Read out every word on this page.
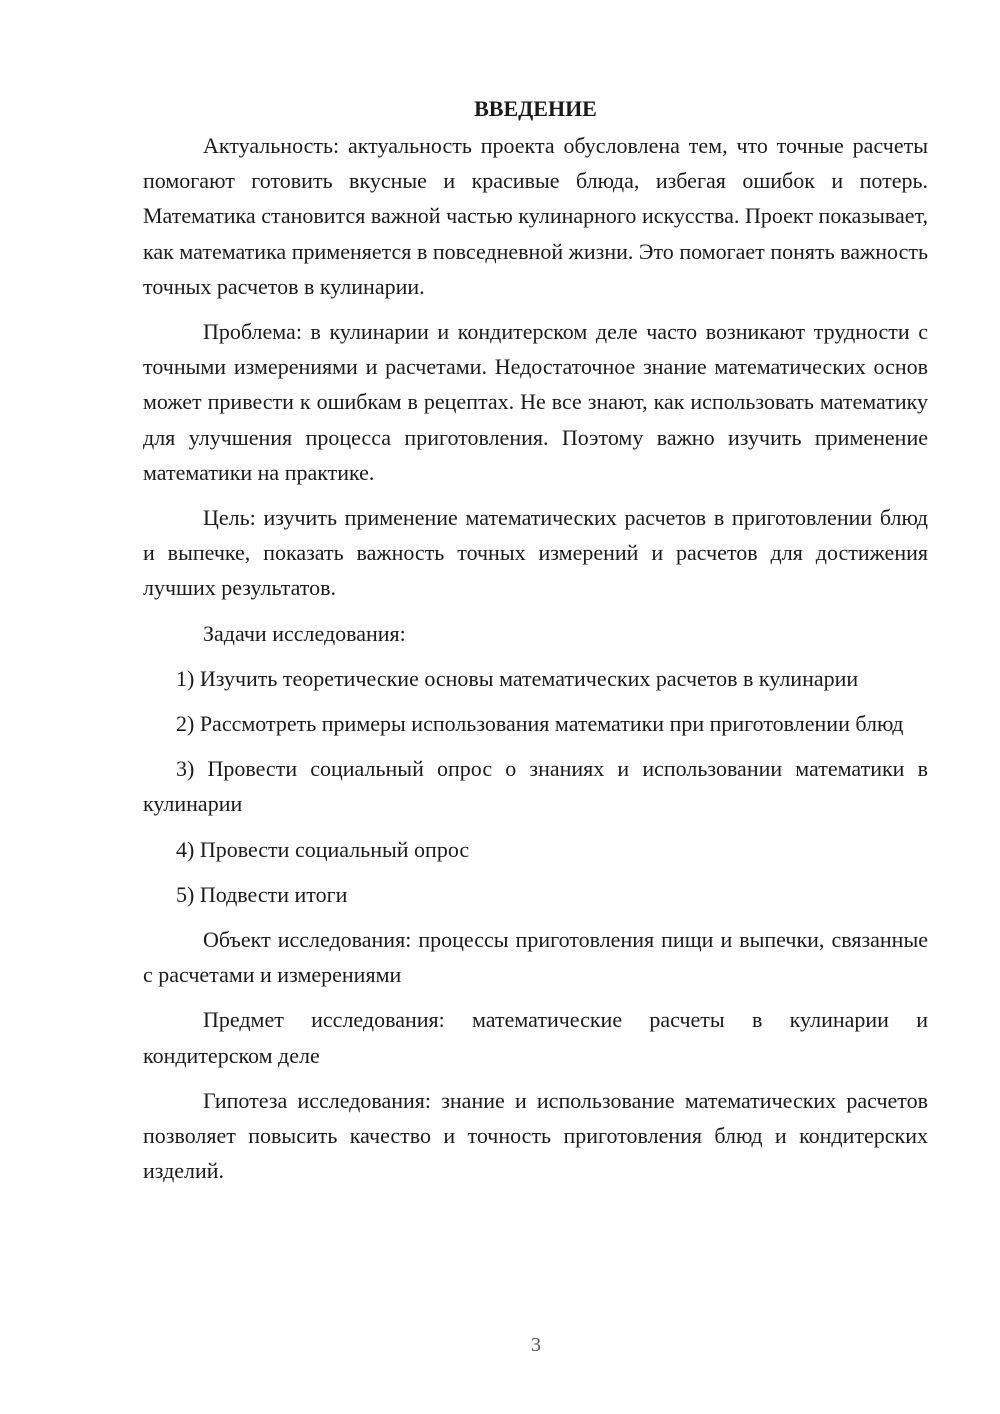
ВВЕДЕНИЕ

Актуальность: актуальность проекта обусловлена тем, что точные расчеты помогают готовить вкусные и красивые блюда, избегая ошибок и потерь. Математика становится важной частью кулинарного искусства. Проект показывает, как математика применяется в повседневной жизни. Это помогает понять важность точных расчетов в кулинарии.

Проблема: в кулинарии и кондитерском деле часто возникают трудности с точными измерениями и расчетами. Недостаточное знание математических основ может привести к ошибкам в рецептах. Не все знают, как использовать математику для улучшения процесса приготовления. Поэтому важно изучить применение математики на практике.

Цель: изучить применение математических расчетов в приготовлении блюд и выпечке, показать важность точных измерений и расчетов для достижения лучших результатов.

Задачи исследования:

1) Изучить теоретические основы математических расчетов в кулинарии

2) Рассмотреть примеры использования математики при приготовлении блюд

3) Провести социальный опрос о знаниях и использовании математики в кулинарии

4) Провести социальный опрос

5) Подвести итоги

Объект исследования: процессы приготовления пищи и выпечки, связанные с расчетами и измерениями

Предмет исследования: математические расчеты в кулинарии и кондитерском деле

Гипотеза исследования: знание и использование математических расчетов позволяет повысить качество и точность приготовления блюд и кондитерских изделий.

3
